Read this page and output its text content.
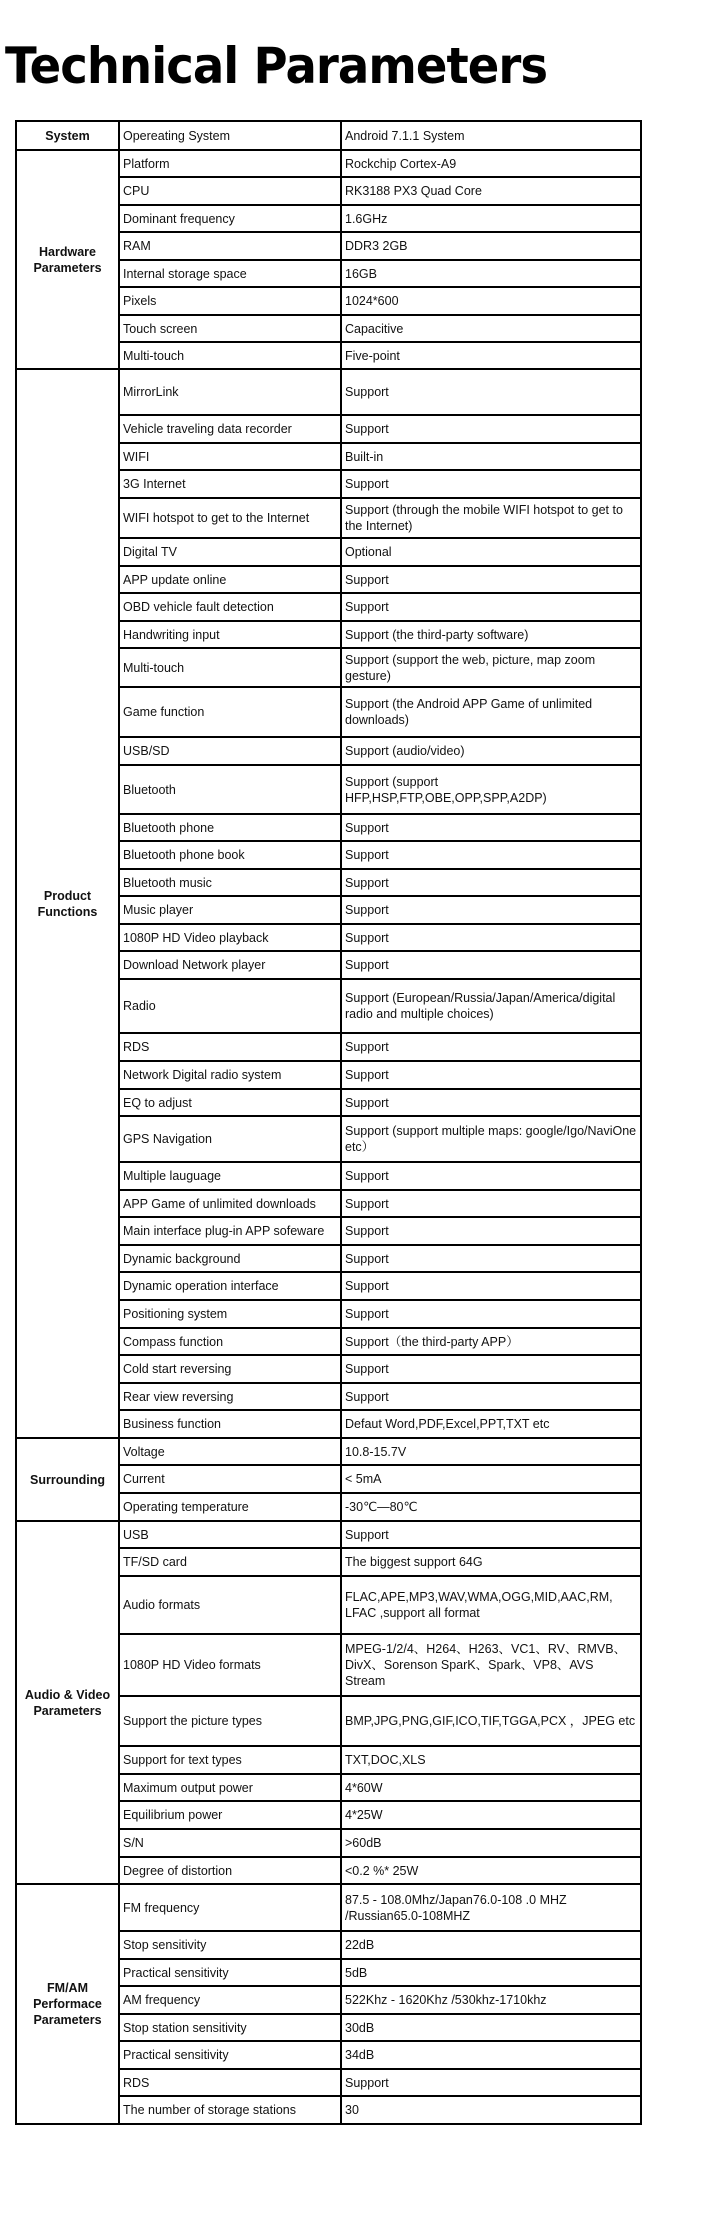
Technical Parameters
System	Opereating System	Android 7.1.1 System
Hardware Parameters	Platform	Rockchip Cortex-A9
	CPU	RK3188 PX3 Quad Core
	Dominant frequency	1.6GHz
	RAM	DDR3 2GB
	Internal storage space	16GB
	Pixels	1024*600
	Touch screen	Capacitive
	Multi-touch	Five-point
Product Functions	MirrorLink	Support
	Vehicle traveling data recorder	Support
	WIFI	Built-in
	3G Internet	Support
	WIFI hotspot to get to the Internet	Support (through the mobile WIFI hotspot to get to the Internet)
	Digital TV	Optional
	APP update online	Support
	OBD vehicle fault detection	Support
	Handwriting input	Support (the third-party software)
	Multi-touch	Support (support the web, picture, map zoom gesture)
	Game function	Support (the Android APP Game of unlimited downloads)
	USB/SD	Support (audio/video)
	Bluetooth	Support (support HFP,HSP,FTP,OBE,OPP,SPP,A2DP)
	Bluetooth phone	Support
	Bluetooth phone book	Support
	Bluetooth music	Support
	Music player	Support
	1080P HD Video playback	Support
	Download Network player	Support
	Radio	Support (European/Russia/Japan/America/digital radio and multiple choices)
	RDS	Support
	Network Digital radio system	Support
	EQ to adjust	Support
	GPS Navigation	Support (support multiple maps: google/Igo/NaviOne etc）
	Multiple lauguage	Support
	APP Game of unlimited downloads	Support
	Main interface plug-in APP sofeware	Support
	Dynamic background	Support
	Dynamic operation interface	Support
	Positioning system	Support
	Compass function	Support（the third-party APP）
	Cold start reversing	Support
	Rear view reversing	Support
	Business function	Defaut Word,PDF,Excel,PPT,TXT etc
Surrounding	Voltage	10.8-15.7V
	Current	< 5mA
	Operating temperature	-30℃—80℃
Audio & Video Parameters	USB	Support
	TF/SD card	The biggest support 64G
	Audio formats	FLAC,APE,MP3,WAV,WMA,OGG,MID,AAC,RM, LFAC ,support all format
	1080P HD Video formats	MPEG-1/2/4、H264、H263、VC1、RV、RMVB、DivX、Sorenson SparK、Spark、VP8、AVS Stream
	Support the picture types	BMP,JPG,PNG,GIF,ICO,TIF,TGGA,PCX ，JPEG etc
	Support for text types	TXT,DOC,XLS
	Maximum output power	4*60W
	Equilibrium power	4*25W
	S/N	>60dB
	Degree of distortion	<0.2 %* 25W
FM/AM Performace Parameters	FM frequency	87.5 - 108.0Mhz/Japan76.0-108 .0 MHZ /Russian65.0-108MHZ
	Stop sensitivity	22dB
	Practical sensitivity	5dB
	AM frequency	522Khz - 1620Khz /530khz-1710khz
	Stop station sensitivity	30dB
	Practical sensitivity	34dB
	RDS	Support
	The number of storage stations	30
